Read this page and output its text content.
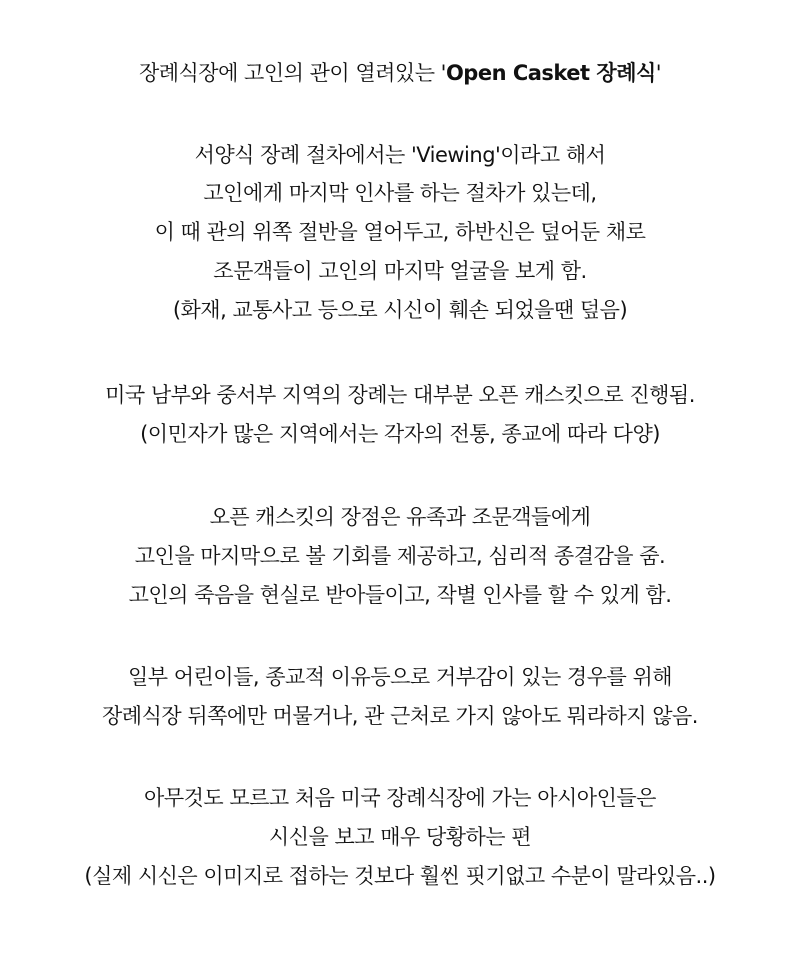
장례식장에 고인의 관이 열려있는 'Open Casket 장례식'
서양식 장례 절차에서는 'Viewing'이라고 해서
고인에게 마지막 인사를 하는 절차가 있는데,
이 때 관의 위쪽 절반을 열어두고, 하반신은 덮어둔 채로
조문객들이 고인의 마지막 얼굴을 보게 함.
(화재, 교통사고 등으로 시신이 훼손 되었을땐 덮음)
미국 남부와 중서부 지역의 장례는 대부분 오픈 캐스킷으로 진행됨.
(이민자가 많은 지역에서는 각자의 전통, 종교에 따라 다양)
오픈 캐스킷의 장점은 유족과 조문객들에게
고인을 마지막으로 볼 기회를 제공하고, 심리적 종결감을 줌.
고인의 죽음을 현실로 받아들이고, 작별 인사를 할 수 있게 함.
일부 어린이들, 종교적 이유등으로 거부감이 있는 경우를 위해
장례식장 뒤쪽에만 머물거나, 관 근처로 가지 않아도 뭐라하지 않음.
아무것도 모르고 처음 미국 장례식장에 가는 아시아인들은
시신을 보고 매우 당황하는 편
(실제 시신은 이미지로 접하는 것보다 훨씬 핏기없고 수분이 말라있음..)
